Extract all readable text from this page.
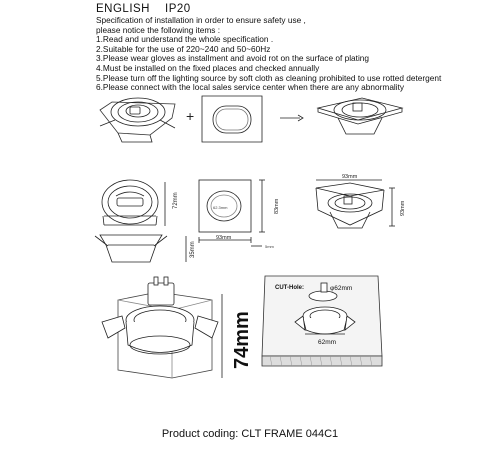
ENGLISH IP20
Specification of installation in order to ensure safety use ,
please notice the following items :
1.Read and understand the whole specification .
2.Suitable for the use of 220~240 and 50~60Hz
3.Please wear gloves as installment and avoid rot on the surface of plating
4.Must be installed on the fixed places and checked annually
5.Please turn off the lighting source by soft cloth as cleaning prohibited to use rotted detergent
6.Please connect with the local sales service center when there are any abnormality
+
72mm
35mm
62.3mm
93mm
83mm
5mm
93mm
93mm
74mm
CUT-Hole:	φ62mm
62mm
Product coding: CLT FRAME 044C1
